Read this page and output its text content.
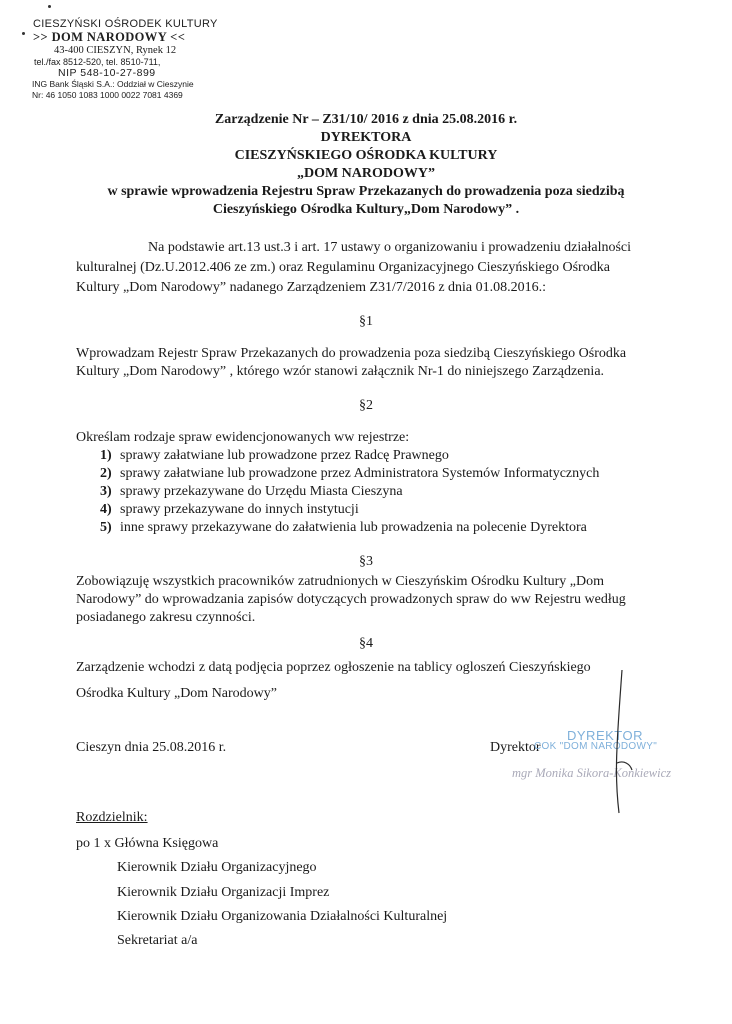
CIESZYŃSKI OŚRODEK KULTURY
>> DOM NARODOWY <<
43-400 CIESZYN, Rynek 12
tel./fax 8512-520, tel. 8510-711,
NIP 548-10-27-899
ING Bank Śląski S.A.: Oddział w Cieszynie
Nr: 46 1050 1083 1000 0022 7081 4369
Zarządzenie Nr – Z31/10/ 2016 z dnia 25.08.2016 r.
DYREKTORA
CIESZYŃSKIEGO OŚRODKA KULTURY
„DOM NARODOWY”
w sprawie wprowadzenia Rejestru Spraw Przekazanych do prowadzenia poza siedzibą
Cieszyńskiego Ośrodka Kultury„Dom Narodowy” .
Na podstawie art.13 ust.3 i art. 17 ustawy o organizowaniu i prowadzeniu działalności
kulturalnej (Dz.U.2012.406 ze zm.) oraz Regulaminu Organizacyjnego Cieszyńskiego Ośrodka
Kultury „Dom Narodowy” nadanego Zarządzeniem Z31/7/2016 z dnia 01.08.2016.:
§1
Wprowadzam Rejestr Spraw Przekazanych do prowadzenia poza siedzibą Cieszyńskiego Ośrodka
Kultury „Dom Narodowy” , którego wzór stanowi załącznik Nr-1 do niniejszego Zarządzenia.
§2
Określam rodzaje spraw ewidencjonowanych ww rejestrze:
1) sprawy załatwiane lub prowadzone przez Radcę Prawnego
2) sprawy załatwiane lub prowadzone przez Administratora Systemów Informatycznych
3) sprawy przekazywane do Urzędu Miasta Cieszyna
4) sprawy przekazywane do innych instytucji
5) inne sprawy przekazywane do załatwienia lub prowadzenia na polecenie Dyrektora
§3
Zobowiązuję wszystkich pracowników zatrudnionych w Cieszyńskim Ośrodku Kultury „Dom
Narodowy” do wprowadzania zapisów dotyczących prowadzonych spraw do ww Rejestru według
posiadanego zakresu czynności.
§4
Zarządzenie wchodzi z datą podjęcia poprzez ogłoszenie na tablicy ogloszeń Cieszyńskiego
Ośrodka Kultury „Dom Narodowy”
Cieszyn dnia 25.08.2016 r.	Dyrektor
DYREKTOR
COK "DOM NARODOWY"
mgr Monika Sikora-Konkiewicz
Rozdzielnik:
po 1 x Główna Księgowa
Kierownik Działu Organizacyjnego
Kierownik Działu Organizacji Imprez
Kierownik Działu Organizowania Działalności Kulturalnej
Sekretariat a/a
